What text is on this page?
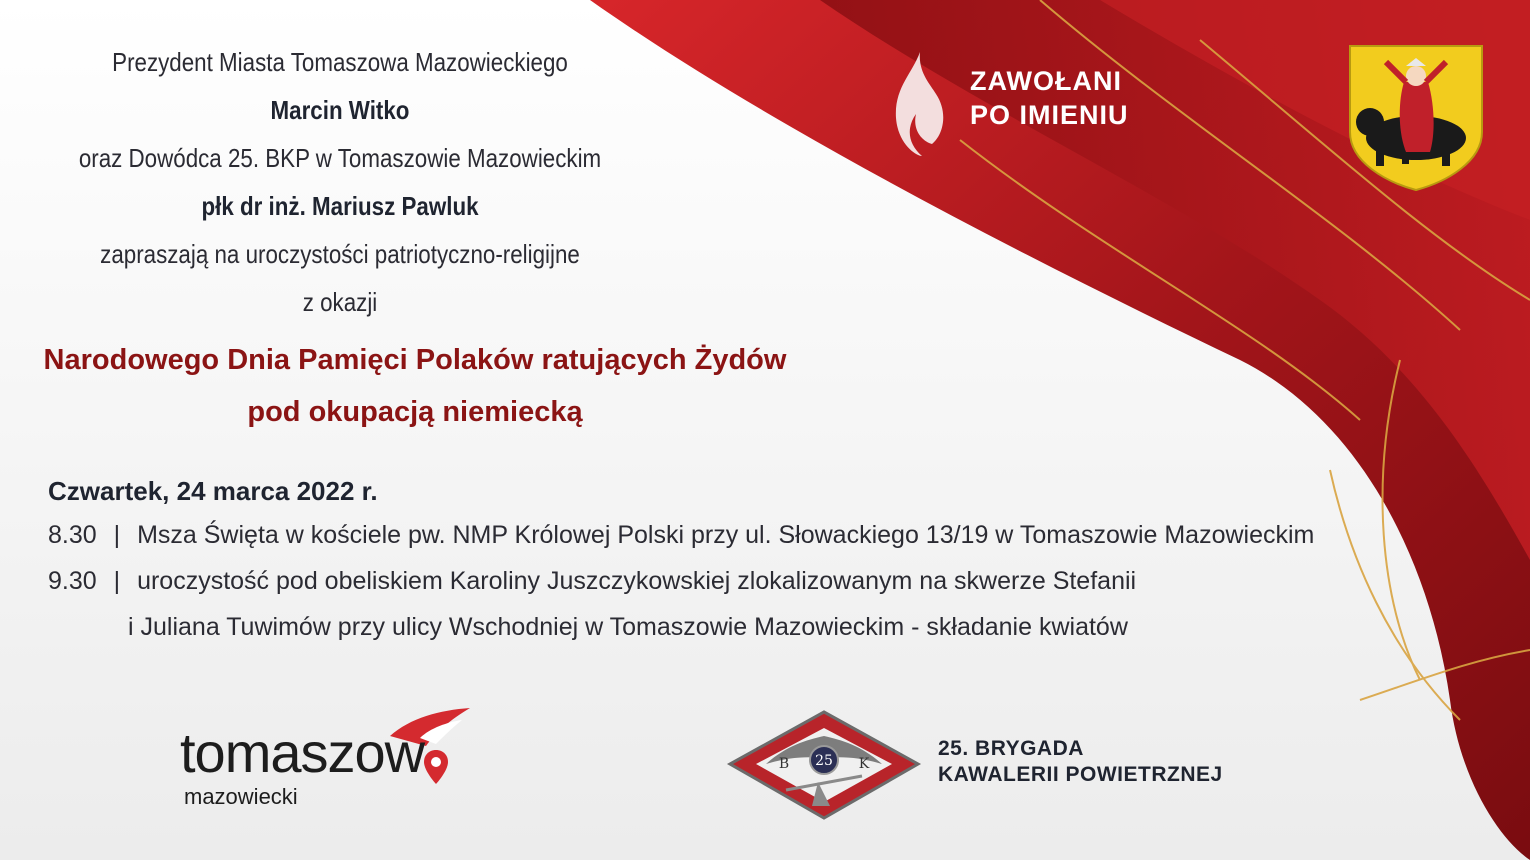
ZAWOŁANI
PO IMIENIU
Prezydent Miasta Tomaszowa Mazowieckiego
Marcin Witko
oraz Dowódca 25. BKP w Tomaszowie Mazowieckim
płk dr inż. Mariusz Pawluk
zapraszają na uroczystości patriotyczno-religijne
z okazji
Narodowego Dnia Pamięci Polaków ratujących Żydów
pod okupacją niemiecką
Czwartek, 24 marca 2022 r.
8.30 | Msza Święta w kościele pw. NMP Królowej Polski przy ul. Słowackiego 13/19 w Tomaszowie Mazowieckim
9.30 | uroczystość pod obeliskiem Karoliny Juszczykowskiej zlokalizowanym na skwerze Stefanii
i Juliana Tuwimów przy ulicy Wschodniej w Tomaszowie Mazowieckim - składanie kwiatów
tomaszow
mazowiecki
25
B	K
25. BRYGADA
KAWALERII POWIETRZNEJ
